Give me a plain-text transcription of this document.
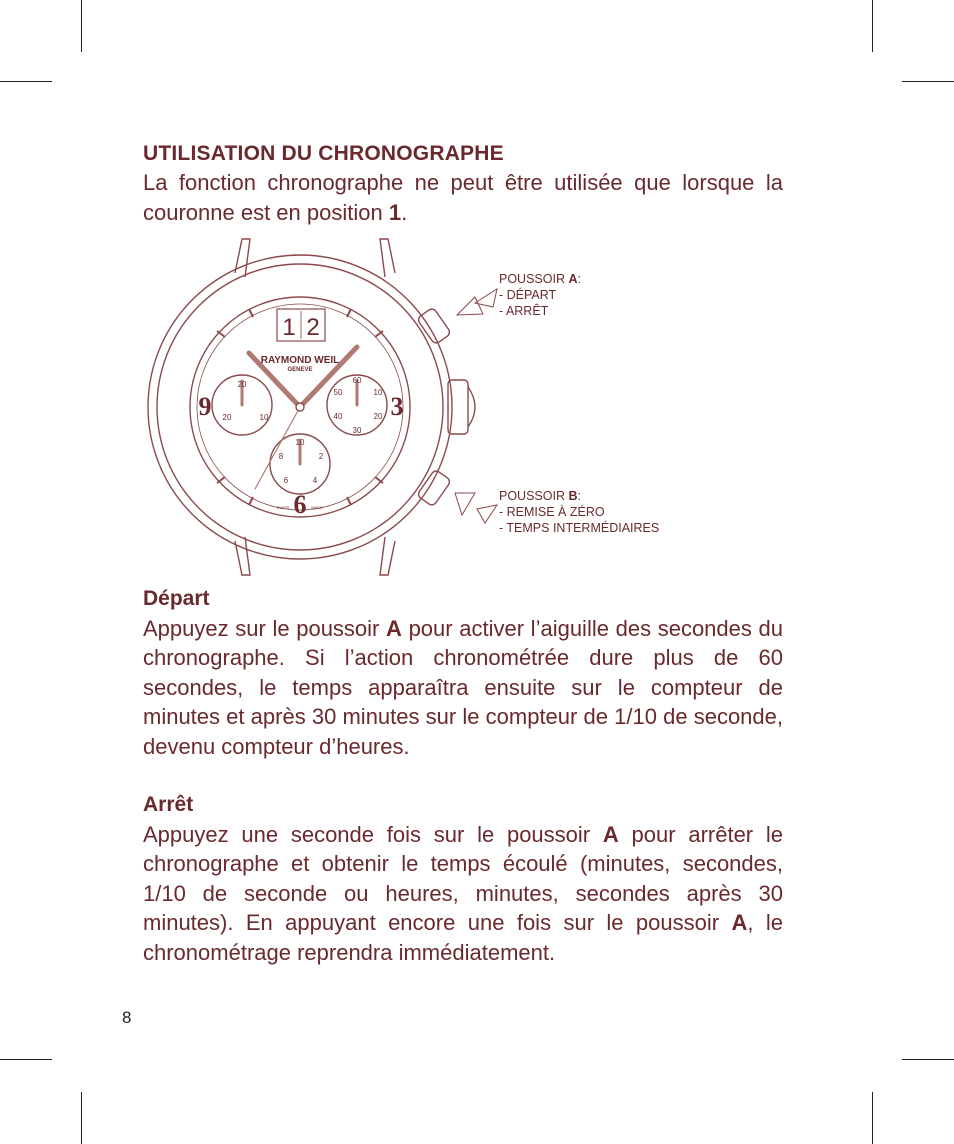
UTILISATION DU CHRONOGRAPHE

La fonction chronographe ne peut être utilisée que lorsque la couronne est en position 1.

1 2
RAYMOND WEIL
GENEVE
9	3
6
20
10
20
60
50	10
40	20
30
10
8	2
6	4
SWISS	MADE
POUSSOIR A:
- DÉPART
- ARRÊT
POUSSOIR B:
- REMISE À ZÉRO
- TEMPS INTERMÉDIAIRES
Départ

Appuyez sur le poussoir A pour activer l’aiguille des secondes du chronographe. Si l’action chronométrée dure plus de 60 secondes, le temps apparaîtra ensuite sur le compteur de minutes et après 30 minutes sur le compteur de 1/10 de seconde, devenu compteur d’heures.

Arrêt

Appuyez une seconde fois sur le poussoir A pour arrêter le chronographe et obtenir le temps écoulé (minutes, secondes, 1/10 de seconde ou heures, minutes, secondes après 30 minutes). En appuyant encore une fois sur le poussoir A, le chronométrage reprendra immédiatement.

8
